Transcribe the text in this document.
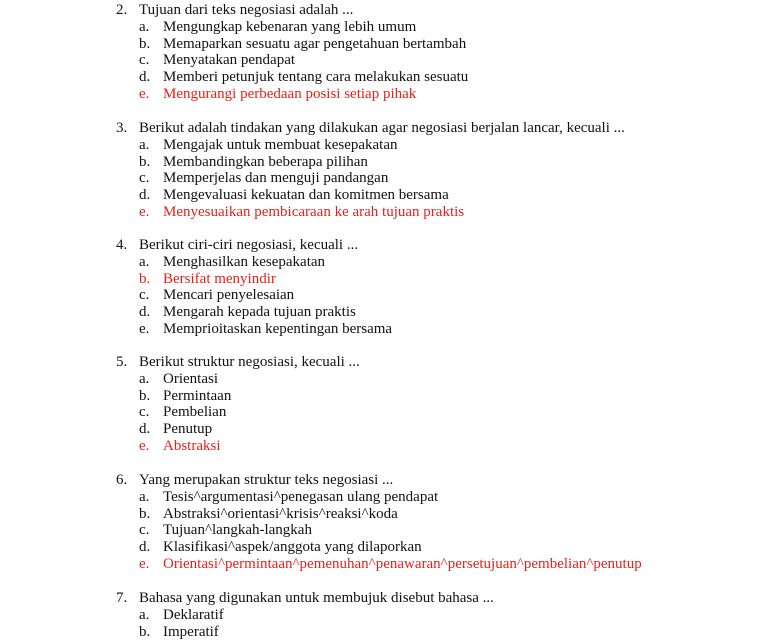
2. Tujuan dari teks negosiasi adalah ...
a. Mengungkap kebenaran yang lebih umum
b. Memaparkan sesuatu agar pengetahuan bertambah
c. Menyatakan pendapat
d. Memberi petunjuk tentang cara melakukan sesuatu
e. Mengurangi perbedaan posisi setiap pihak
3. Berikut adalah tindakan yang dilakukan agar negosiasi berjalan lancar, kecuali ...
a. Mengajak untuk membuat kesepakatan
b. Membandingkan beberapa pilihan
c. Memperjelas dan menguji pandangan
d. Mengevaluasi kekuatan dan komitmen bersama
e. Menyesuaikan pembicaraan ke arah tujuan praktis
4. Berikut ciri-ciri negosiasi, kecuali ...
a. Menghasilkan kesepakatan
b. Bersifat menyindir
c. Mencari penyelesaian
d. Mengarah kepada tujuan praktis
e. Memprioitaskan kepentingan bersama
5. Berikut struktur negosiasi, kecuali ...
a. Orientasi
b. Permintaan
c. Pembelian
d. Penutup
e. Abstraksi
6. Yang merupakan struktur teks negosiasi ...
a. Tesis^argumentasi^penegasan ulang pendapat
b. Abstraksi^orientasi^krisis^reaksi^koda
c. Tujuan^langkah-langkah
d. Klasifikasi^aspek/anggota yang dilaporkan
e. Orientasi^permintaan^pemenuhan^penawaran^persetujuan^pembelian^penutup
7. Bahasa yang digunakan untuk membujuk disebut bahasa ...
a. Deklaratif
b. Imperatif
